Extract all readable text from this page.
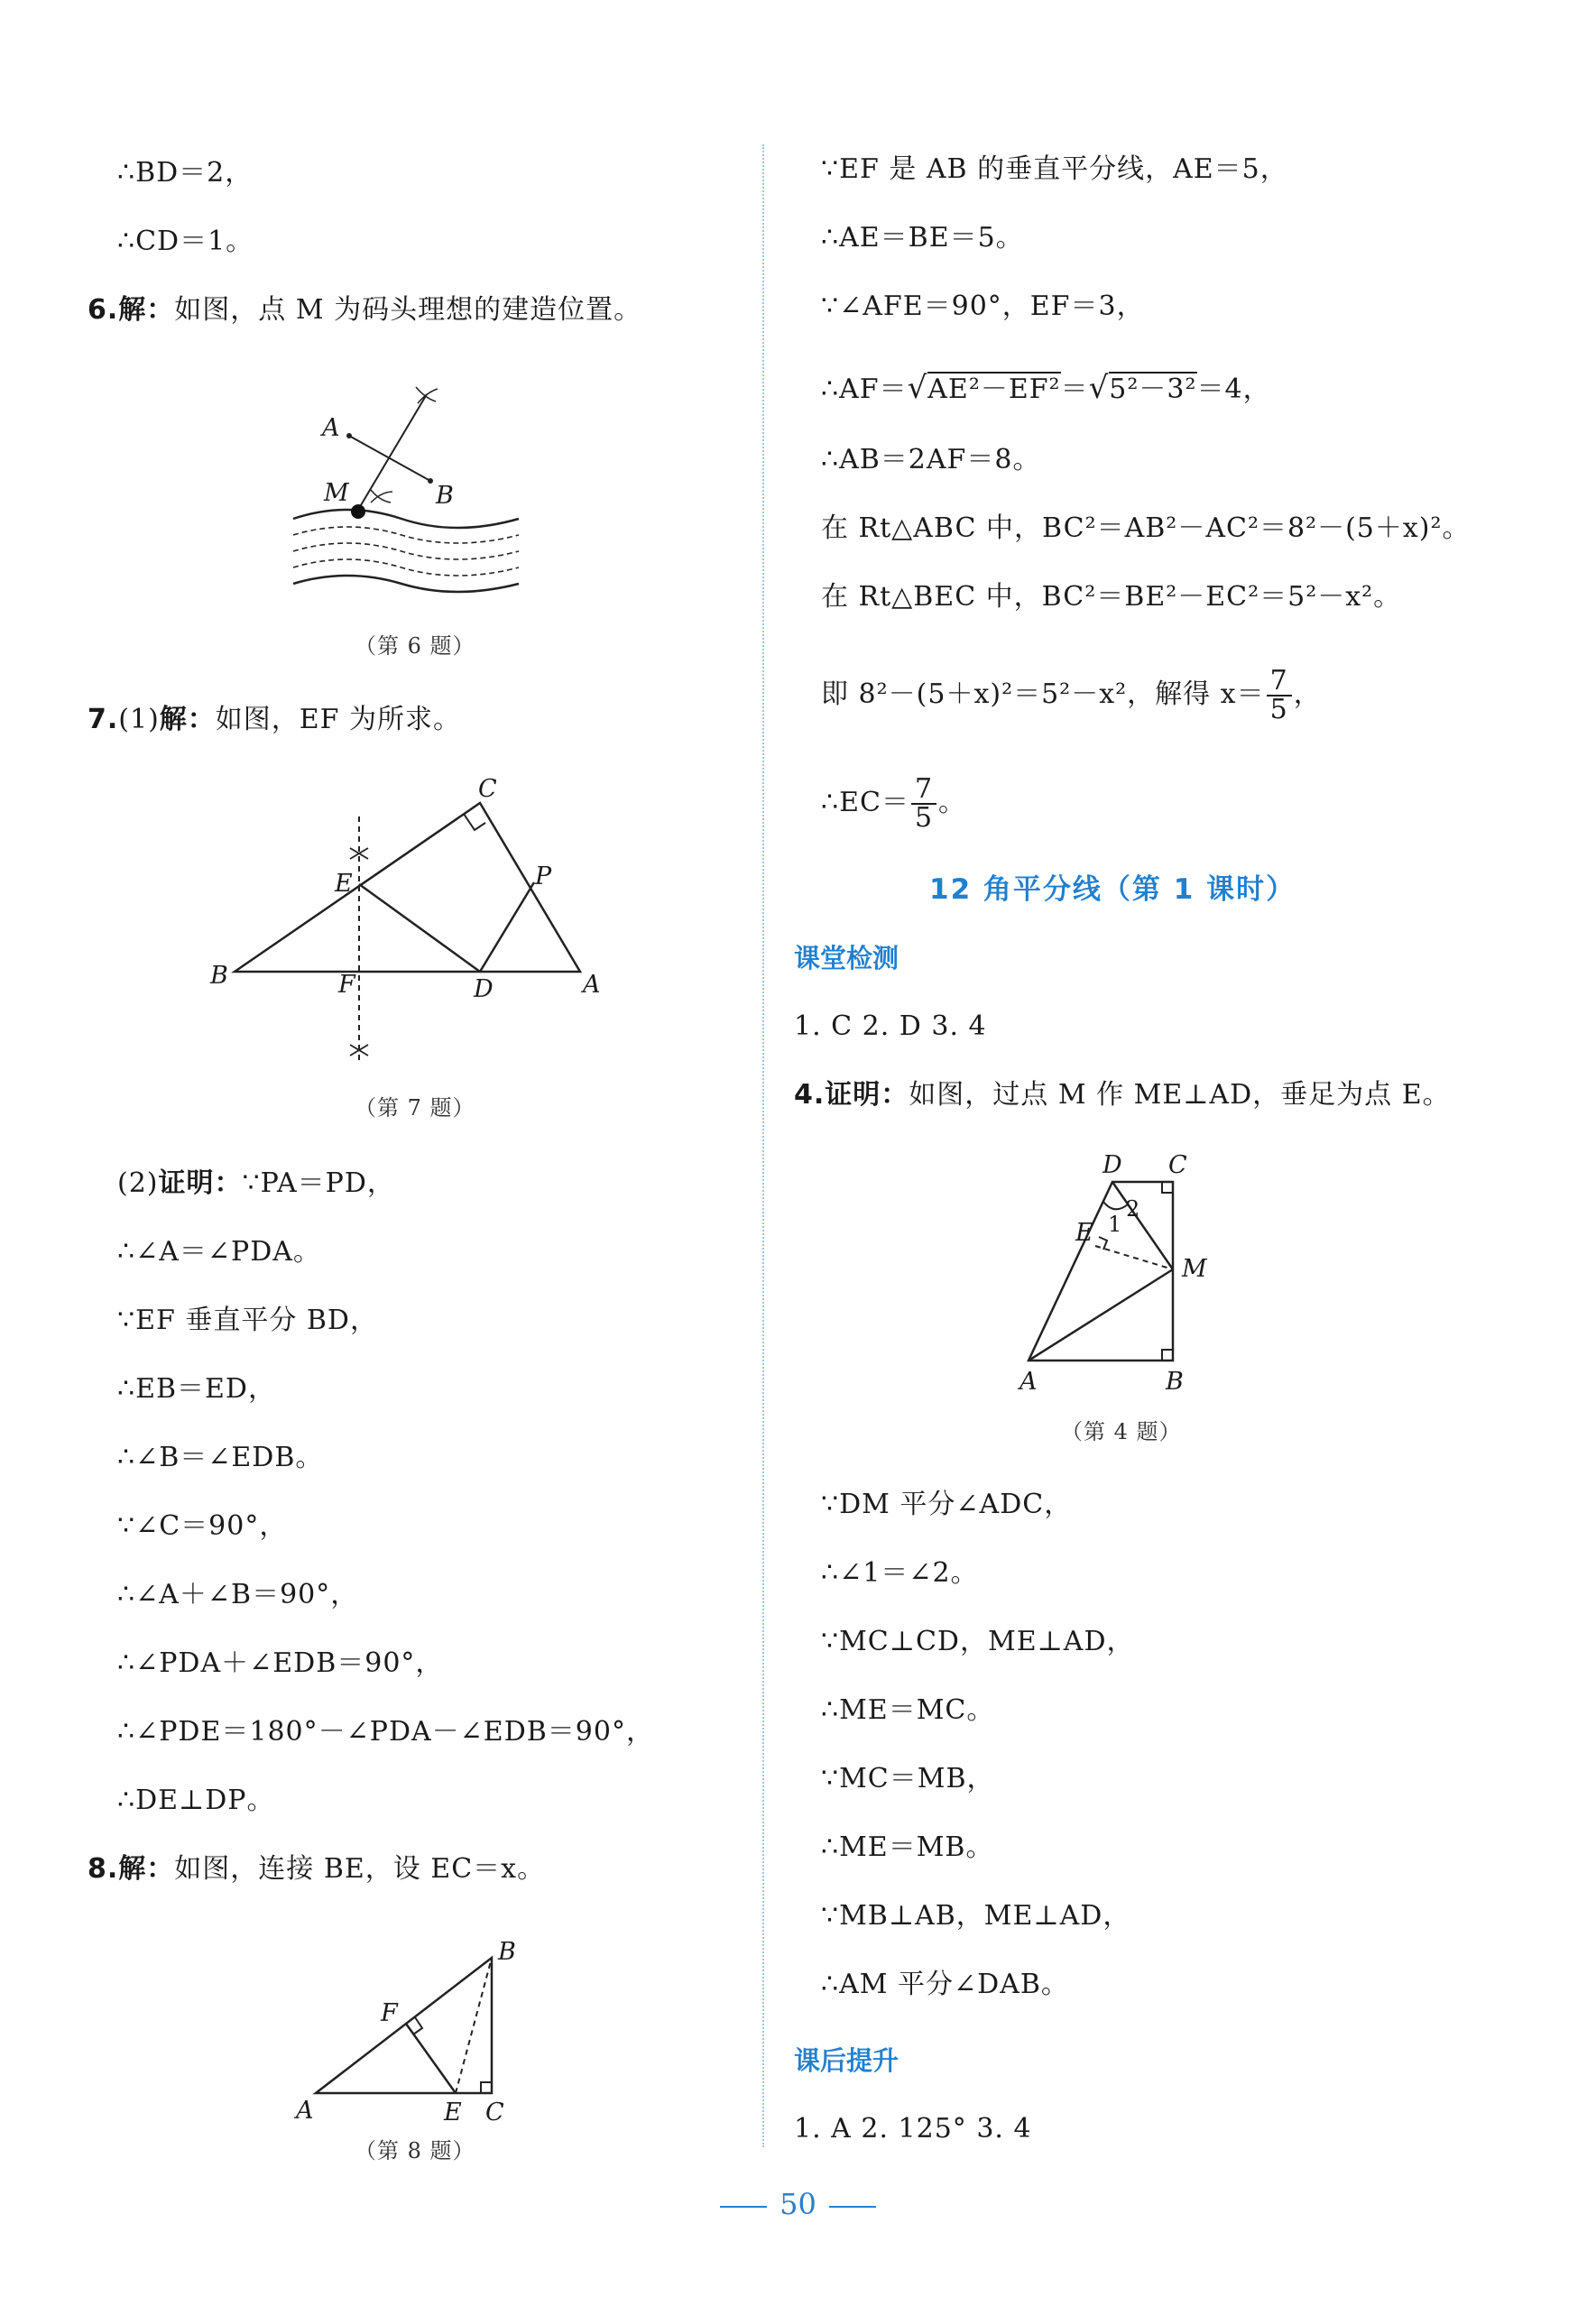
∴BD＝2，
∴CD＝1。
6.解：如图，点 M 为码头理想的建造位置。
A
B
M
（第 6 题）
7.(1)解：如图，EF 为所求。
C
E	P
B	F	D	A
（第 7 题）
(2)证明：∵PA＝PD，
∴∠A＝∠PDA。
∵EF 垂直平分 BD，
∴EB＝ED，
∴∠B＝∠EDB。
∵∠C＝90°，
∴∠A＋∠B＝90°，
∴∠PDA＋∠EDB＝90°，
∴∠PDE＝180°－∠PDA－∠EDB＝90°，
∴DE⊥DP。
8.解：如图，连接 BE，设 EC＝x。
B
F
A	E C
（第 8 题）
∵EF 是 AB 的垂直平分线，AE＝5，
∴AE＝BE＝5。
∵∠AFE＝90°，EF＝3，
∴AF＝√AE²－EF²＝√5²－3²＝4，
∴AB＝2AF＝8。
在 Rt△ABC 中，BC²＝AB²－AC²＝8²－(5＋x)²。
在 Rt△BEC 中，BC²＝BE²－EC²＝5²－x²。
即 8²－(5＋x)²＝5²－x²，解得 $x= \frac{7}{5}$ ，
∴EC＝ $\frac{7}{5}$ 。
12 角平分线（第 1 课时）
课堂检测
1. C 2. D 3. 4
4.证明：如图，过点 M 作 ME⊥AD，垂足为点 E。
D C
E 1
2
M
A	B
（第 4 题）
∵DM 平分∠ADC，
∴∠1＝∠2。
∵MC⊥CD，ME⊥AD，
∴ME＝MC。
∵MC＝MB，
∴ME＝MB。
∵MB⊥AB，ME⊥AD，
∴AM 平分∠DAB。
课后提升
1. A 2. 125° 3. 4
50
